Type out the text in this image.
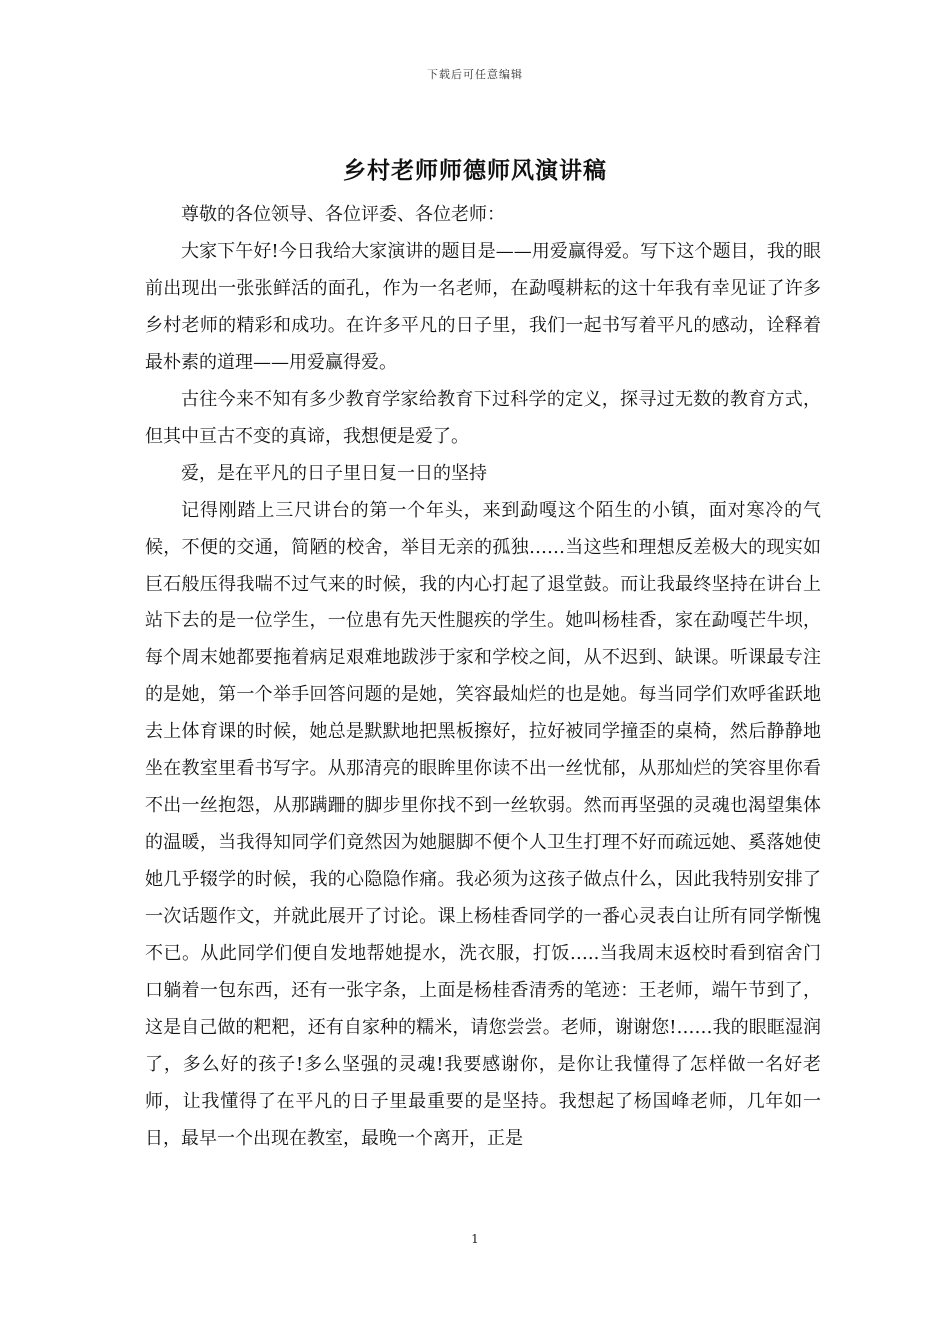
下载后可任意编辑
乡村老师师德师风演讲稿

尊敬的各位领导、各位评委、各位老师：

大家下午好!今日我给大家演讲的题目是——用爱赢得爱。写下这个题目，我的眼前出现出一张张鲜活的面孔，作为一名老师，在勐嘎耕耘的这十年我有幸见证了许多乡村老师的精彩和成功。在许多平凡的日子里，我们一起书写着平凡的感动，诠释着最朴素的道理——用爱赢得爱。

古往今来不知有多少教育学家给教育下过科学的定义，探寻过无数的教育方式，但其中亘古不变的真谛，我想便是爱了。

爱，是在平凡的日子里日复一日的坚持

记得刚踏上三尺讲台的第一个年头，来到勐嘎这个陌生的小镇，面对寒冷的气候，不便的交通，简陋的校舍，举目无亲的孤独……当这些和理想反差极大的现实如巨石般压得我喘不过气来的时候，我的内心打起了退堂鼓。而让我最终坚持在讲台上站下去的是一位学生，一位患有先天性腿疾的学生。她叫杨桂香，家在勐嘎芒牛坝，每个周末她都要拖着病足艰难地跋涉于家和学校之间，从不迟到、缺课。听课最专注的是她，第一个举手回答问题的是她，笑容最灿烂的也是她。每当同学们欢呼雀跃地去上体育课的时候，她总是默默地把黑板擦好，拉好被同学撞歪的桌椅，然后静静地坐在教室里看书写字。从那清亮的眼眸里你读不出一丝忧郁，从那灿烂的笑容里你看不出一丝抱怨，从那蹒跚的脚步里你找不到一丝软弱。然而再坚强的灵魂也渴望集体的温暖，当我得知同学们竟然因为她腿脚不便个人卫生打理不好而疏远她、奚落她使她几乎辍学的时候，我的心隐隐作痛。我必须为这孩子做点什么，因此我特别安排了一次话题作文，并就此展开了讨论。课上杨桂香同学的一番心灵表白让所有同学惭愧不已。从此同学们便自发地帮她提水，洗衣服，打饭…..当我周末返校时看到宿舍门口躺着一包东西，还有一张字条，上面是杨桂香清秀的笔迹：王老师，端午节到了，这是自己做的粑粑，还有自家种的糯米，请您尝尝。老师，谢谢您!……我的眼眶湿润了，多么好的孩子!多么坚强的灵魂!我要感谢你，是你让我懂得了怎样做一名好老师，让我懂得了在平凡的日子里最重要的是坚持。我想起了杨国峰老师，几年如一日，最早一个出现在教室，最晚一个离开，正是

1
